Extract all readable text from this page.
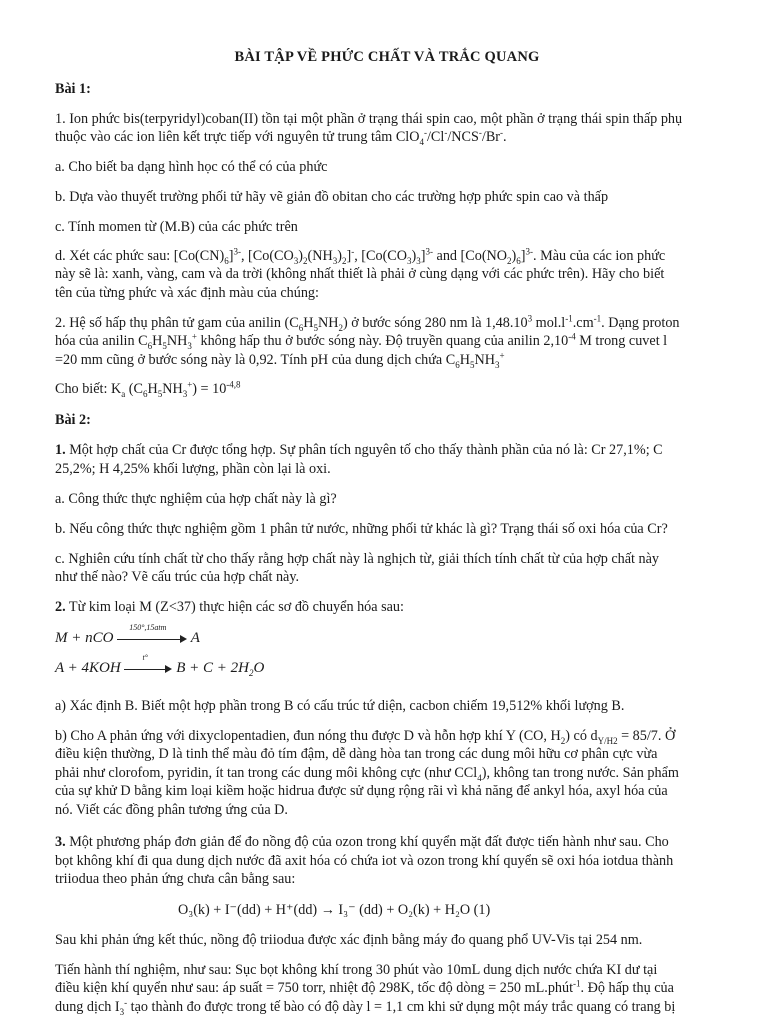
BÀI TẬP VỀ PHỨC CHẤT VÀ TRẮC QUANG
Bài 1:
1. Ion phức bis(terpyridyl)coban(II) tồn tại một phần ở trạng thái spin cao, một phần ở trạng thái spin thấp phụ
thuộc vào các ion liên kết trực tiếp với nguyên tử trung tâm ClO$_4$-/Cl-/NCS-/Br-.
a. Cho biết ba dạng hình học có thể có của phức
b. Dựa vào thuyết trường phối tử hãy vẽ giản đồ obitan cho các trường hợp phức spin cao và thấp
c. Tính momen từ (M.B) của các phức trên
d. Xét các phức sau: $[Co(CN)_6]^{3-}$, $[Co(CO_3)_2(NH_3)_2]^-$, $[Co(CO_3)_3]^{3-}$ and $[Co(NO_2)_6]^{3-}$. Màu của các ion phức
này sẽ là: xanh, vàng, cam và da trời (không nhất thiết là phải ở cùng dạng với các phức trên). Hãy cho biết
tên của từng phức và xác định màu của chúng:
2. Hệ số hấp thụ phân tử gam của anilin $(C_6H_5NH_2)$ ở bước sóng 280 nm là 1,48.10$^3$ $mol.l^{-1}.cm^{-1}$. Dạng proton
hóa của anilin $C_6H_5NH_3^+$ không hấp thu ở bước sóng này. Độ truyền quang của anilin $2,10^{-4}$ M trong cuvet l
=20 mm cũng ở bước sóng này là 0,92. Tính pH của dung dịch chứa $C_6H_5NH_3^+$
Cho biết: $K_a$ $(C_6H_5NH_3^+) = 10^{-4,8}$
Bài 2:
1. Một hợp chất của Cr được tổng hợp. Sự phân tích nguyên tố cho thấy thành phần của nó là: Cr 27,1%; C
25,2%; H 4,25% khối lượng, phần còn lại là oxi.
a. Công thức thực nghiệm của hợp chất này là gì?
b. Nếu công thức thực nghiệm gồm 1 phân tử nước, những phối tử khác là gì? Trạng thái số oxi hóa của Cr?
c. Nghiên cứu tính chất từ cho thấy rằng hợp chất này là nghịch từ, giải thích tính chất từ của hợp chất này
như thế nào? Vẽ cấu trúc của hợp chất này.
2. Từ kim loại M (Z<37) thực hiện các sơ đồ chuyển hóa sau:
M + nCO
150°,15atm
A
A + 4KOH
t°
$B + C + 2H_2O$
a) Xác định B. Biết một hợp phần trong B có cấu trúc tứ diện, cacbon chiếm 19,512% khối lượng B.
b) Cho A phản ứng với dixyclopentadien, đun nóng thu được D và hỗn hợp khí Y (CO, $H_2$) có $d_{Y/H2} = 85/7$. Ở
điều kiện thường, D là tinh thể màu đỏ tím đậm, dễ dàng hòa tan trong các dung môi hữu cơ phân cực vừa
phải như clorofom, pyridin, ít tan trong các dung môi không cực (như CCl$_4$), không tan trong nước. Sản phẩm
của sự khử D bằng kim loại kiềm hoặc hidrua được sử dụng rộng rãi vì khả năng để ankyl hóa, axyl hóa của
nó. Viết các đồng phân tương ứng của D.
3. Một phương pháp đơn giản để đo nồng độ của ozon trong khí quyển mặt đất được tiến hành như sau. Cho
bọt không khí đi qua dung dịch nước đã axit hóa có chứa iot và ozon trong khí quyển sẽ oxi hóa iotdua thành
triiodua theo phản ứng chưa cân bằng sau:
O₃(k) + I⁻(dd) + H⁺(dd) → I₃⁻ (dd) + O₂(k) + H₂O (1)
Sau khi phản ứng kết thúc, nồng độ triiodua được xác định bằng máy đo quang phổ UV-Vis tại 254 nm.
Tiến hành thí nghiệm, như sau: Sục bọt không khí trong 30 phút vào 10mL dung dịch nước chứa KI dư tại
điều kiện khí quyển như sau: áp suất = 750 torr, nhiệt độ 298K, tốc độ dòng = 250 mL.phút$^{-1}$. Độ hấp thụ của
dung dịch $I_3^-$ tạo thành đo được trong tế bào có độ dày l = 1,1 cm khi sử dụng một máy trắc quang có trang bị
